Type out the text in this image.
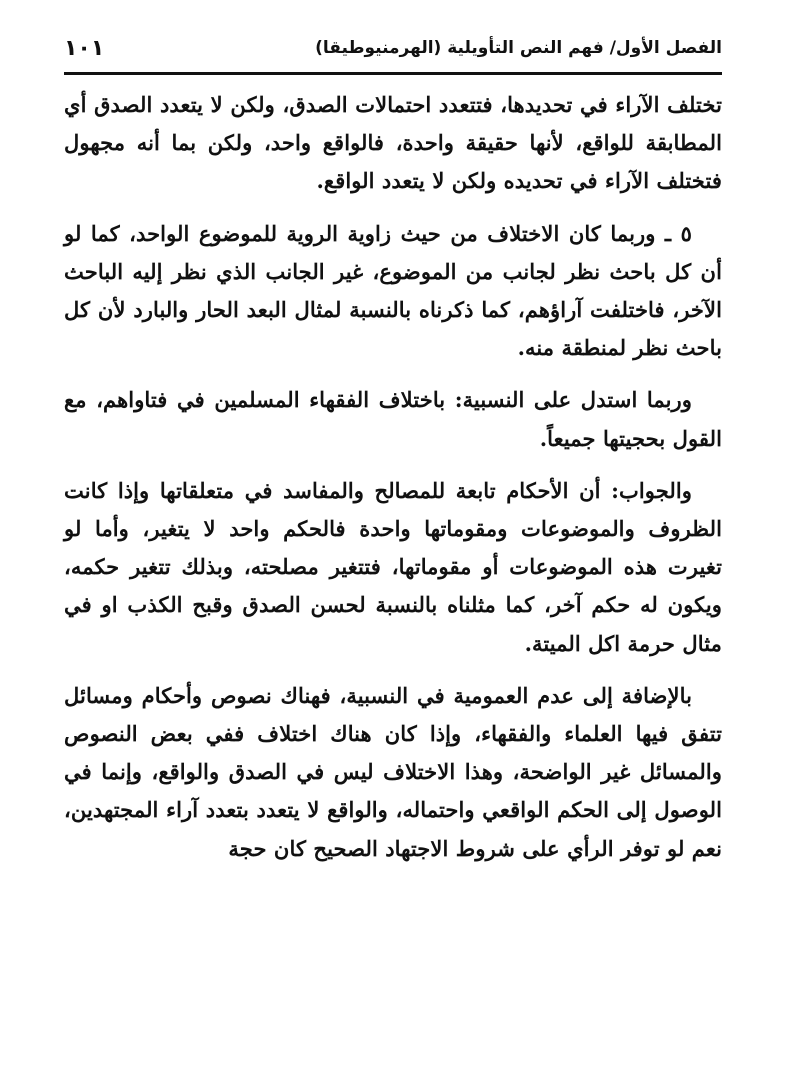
الفصل الأول/ فهم النص التأويلية (الهرمنيوطيقا)
١٠١

تختلف الآراء في تحديدها، فتتعدد احتمالات الصدق، ولكن لا يتعدد الصدق أي المطابقة للواقع، لأنها حقيقة واحدة، فالواقع واحد، ولكن بما أنه مجهول فتختلف الآراء في تحديده ولكن لا يتعدد الواقع.

٥ ـ وربما كان الاختلاف من حيث زاوية الروية للموضوع الواحد، كما لو أن كل باحث نظر لجانب من الموضوع، غير الجانب الذي نظر إليه الباحث الآخر، فاختلفت آراؤهم، كما ذكرناه بالنسبة لمثال البعد الحار والبارد لأن كل باحث نظر لمنطقة منه.

وربما استدل على النسبية: باختلاف الفقهاء المسلمين في فتاواهم، مع القول بحجيتها جميعاً.

والجواب: أن الأحكام تابعة للمصالح والمفاسد في متعلقاتها وإذا كانت الظروف والموضوعات ومقوماتها واحدة فالحكم واحد لا يتغير، وأما لو تغيرت هذه الموضوعات أو مقوماتها، فتتغير مصلحته، وبذلك تتغير حكمه، ويكون له حكم آخر، كما مثلناه بالنسبة لحسن الصدق وقبح الكذب او في مثال حرمة اكل الميتة.

بالإضافة إلى عدم العمومية في النسبية، فهناك نصوص وأحكام ومسائل تتفق فيها العلماء والفقهاء، وإذا كان هناك اختلاف ففي بعض النصوص والمسائل غير الواضحة، وهذا الاختلاف ليس في الصدق والواقع، وإنما في الوصول إلى الحكم الواقعي واحتماله، والواقع لا يتعدد بتعدد آراء المجتهدين، نعم لو توفر الرأي على شروط الاجتهاد الصحيح كان حجة
